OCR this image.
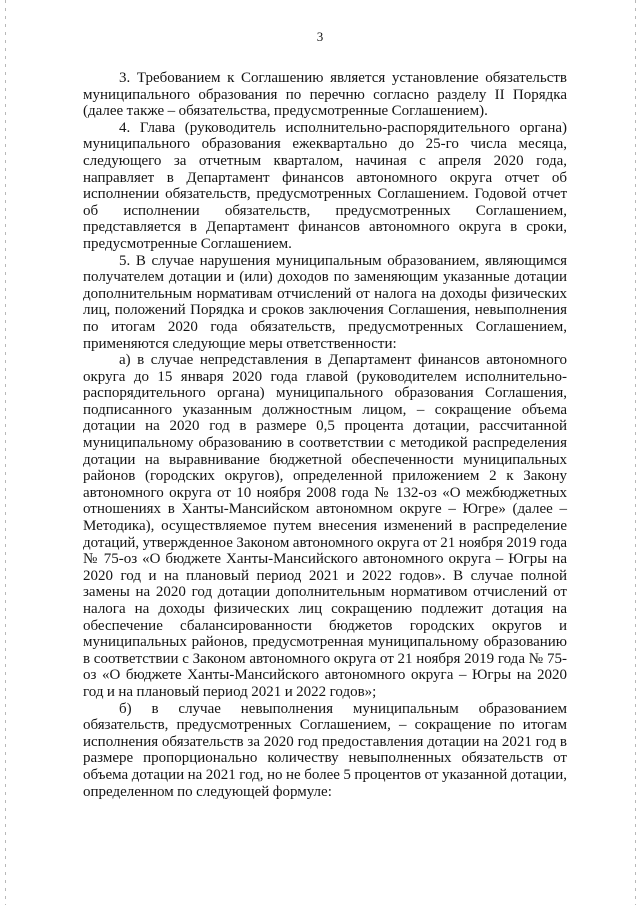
3

3. Требованием к Соглашению является установление обязательств муниципального образования по перечню согласно разделу II Порядка (далее также – обязательства, предусмотренные Соглашением).

4. Глава (руководитель исполнительно-распорядительного органа) муниципального образования ежеквартально до 25-го числа месяца, следующего за отчетным кварталом, начиная с апреля 2020 года, направляет в Департамент финансов автономного округа отчет об исполнении обязательств, предусмотренных Соглашением. Годовой отчет об исполнении обязательств, предусмотренных Соглашением, представляется в Департамент финансов автономного округа в сроки, предусмотренные Соглашением.

5. В случае нарушения муниципальным образованием, являющимся получателем дотации и (или) доходов по заменяющим указанные дотации дополнительным нормативам отчислений от налога на доходы физических лиц, положений Порядка и сроков заключения Соглашения, невыполнения по итогам 2020 года обязательств, предусмотренных Соглашением, применяются следующие меры ответственности:

а) в случае непредставления в Департамент финансов автономного округа до 15 января 2020 года главой (руководителем исполнительно-распорядительного органа) муниципального образования Соглашения, подписанного указанным должностным лицом, – сокращение объема дотации на 2020 год в размере 0,5 процента дотации, рассчитанной муниципальному образованию в соответствии с методикой распределения дотации на выравнивание бюджетной обеспеченности муниципальных районов (городских округов), определенной приложением 2 к Закону автономного округа от 10 ноября 2008 года № 132-оз «О межбюджетных отношениях в Ханты-Мансийском автономном округе – Югре» (далее – Методика), осуществляемое путем внесения изменений в распределение дотаций, утвержденное Законом автономного округа от 21 ноября 2019 года № 75-оз «О бюджете Ханты-Мансийского автономного округа – Югры на 2020 год и на плановый период 2021 и 2022 годов». В случае полной замены на 2020 год дотации дополнительным нормативом отчислений от налога на доходы физических лиц сокращению подлежит дотация на обеспечение сбалансированности бюджетов городских округов и муниципальных районов, предусмотренная муниципальному образованию в соответствии с Законом автономного округа от 21 ноября 2019 года № 75-оз «О бюджете Ханты-Мансийского автономного округа – Югры на 2020 год и на плановый период 2021 и 2022 годов»;

б) в случае невыполнения муниципальным образованием обязательств, предусмотренных Соглашением, – сокращение по итогам исполнения обязательств за 2020 год предоставления дотации на 2021 год в размере пропорционально количеству невыполненных обязательств от объема дотации на 2021 год, но не более 5 процентов от указанной дотации, определенном по следующей формуле:
